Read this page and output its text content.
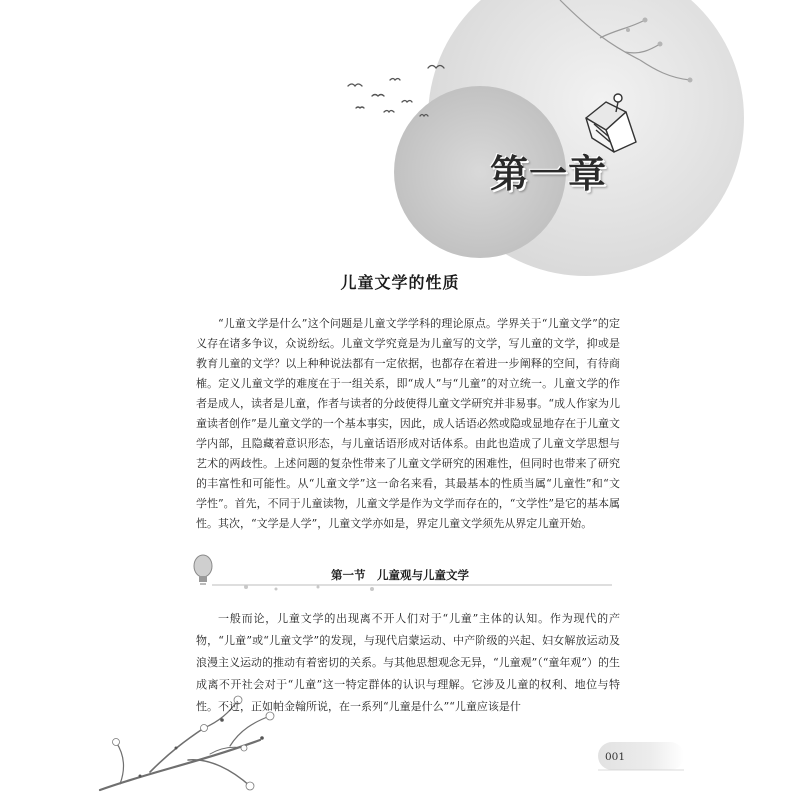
第一章
儿童文学的性质

“儿童文学是什么”这个问题是儿童文学学科的理论原点。学界关于“儿童文学”的定义存在诸多争议，众说纷纭。儿童文学究竟是为儿童写的文学，写儿童的文学，抑或是教育儿童的文学？以上种种说法都有一定依据，也都存在着进一步阐释的空间，有待商榷。定义儿童文学的难度在于一组关系，即“成人”与“儿童”的对立统一。儿童文学的作者是成人，读者是儿童，作者与读者的分歧使得儿童文学研究并非易事。“成人作家为儿童读者创作”是儿童文学的一个基本事实，因此，成人话语必然或隐或显地存在于儿童文学内部，且隐藏着意识形态，与儿童话语形成对话体系。由此也造成了儿童文学思想与艺术的两歧性。上述问题的复杂性带来了儿童文学研究的困难性，但同时也带来了研究的丰富性和可能性。从“儿童文学”这一命名来看，其最基本的性质当属“儿童性”和“文学性”。首先，不同于儿童读物，儿童文学是作为文学而存在的，“文学性”是它的基本属性。其次，“文学是人学”，儿童文学亦如是，界定儿童文学须先从界定儿童开始。

第一节　儿童观与儿童文学

一般而论，儿童文学的出现离不开人们对于“儿童”主体的认知。作为现代的产物，“儿童”或“儿童文学”的发现，与现代启蒙运动、中产阶级的兴起、妇女解放运动及浪漫主义运动的推动有着密切的关系。与其他思想观念无异，“儿童观”（“童年观”）的生成离不开社会对于“儿童”这一特定群体的认识与理解。它涉及儿童的权利、地位与特性。不过，正如帕金翰所说，在一系列“儿童是什么”“儿童应该是什

001
